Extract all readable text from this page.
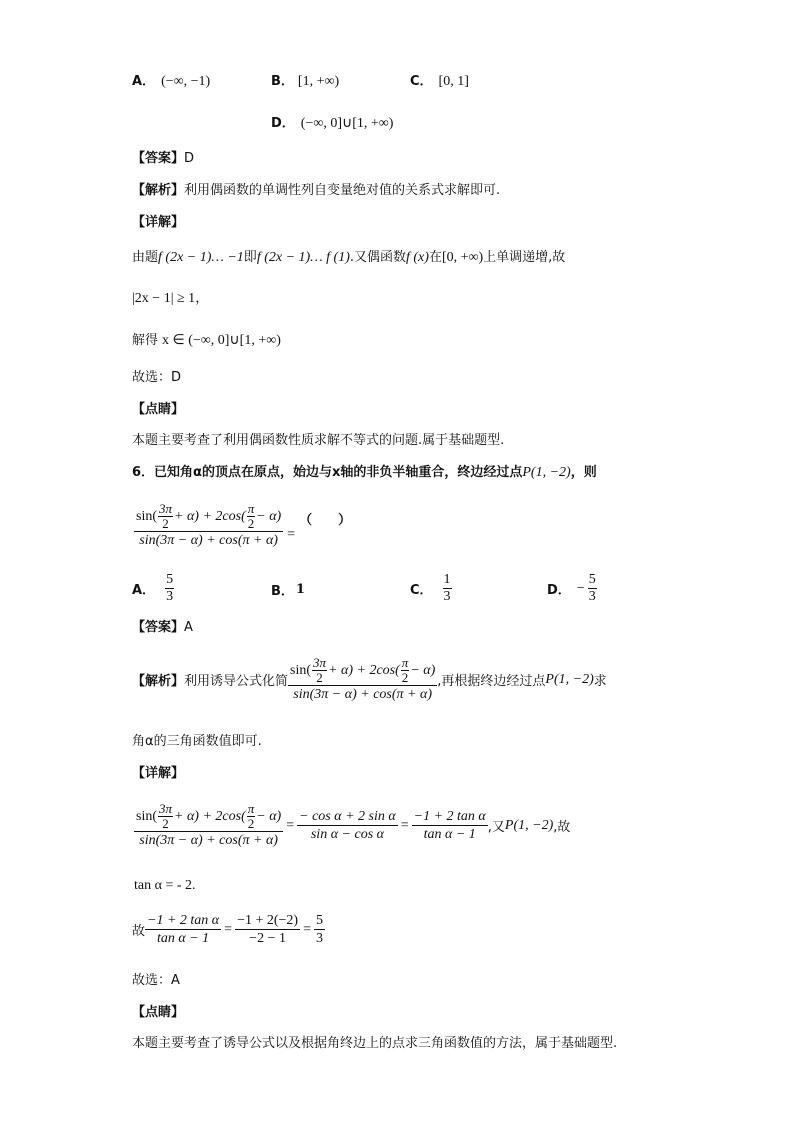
A． (−∞, −1)	B． [1, +∞)	C． [0, 1]
D． (−∞, 0]∪[1, +∞)
【答案】D
【解析】利用偶函数的单调性列自变量绝对值的关系式求解即可.
【详解】
由题f (2x − 1)… −1即f (2x − 1)… f (1).又偶函数f (x)在[0, +∞)上单调递增,故
|2x − 1| ≥ 1，
解得 x ∈ (−∞, 0]∪[1, +∞)
故选：D
【点睛】
本题主要考查了利用偶函数性质求解不等式的问题.属于基础题型.
6．已知角α的顶点在原点，始边与x轴的非负半轴重合，终边经过点P(1, −2)，则
$\frac{\sin( \frac{3\pi}{2} + \alpha) + 2\cos( \frac{\pi}{2} - \alpha)}{\sin(3\pi - \alpha) + \cos(\pi + \alpha)}$ =
（　　）
A． $\frac{5}{3}$	B． 1	C． $\frac{1}{3}$	D． − $\frac{5}{3}$
【答案】A
【解析】 利用诱导公式化简 $\frac{\sin( \frac{3\pi}{2} + \alpha) + 2\cos( \frac{\pi}{2} - \alpha)}{\sin(3\pi - \alpha) + \cos(\pi + \alpha)}$ ,再根据终边经过点 P(1, −2) 求
角α的三角函数值即可.
【详解】
$\frac{\sin( \frac{3\pi}{2} + \alpha) + 2\cos( \frac{\pi}{2} - \alpha)}{\sin(3\pi - \alpha) + \cos(\pi + \alpha)} = \frac{\text{− cos α + 2 sin α}}{\text{sin α − cos α}} = \frac{\text{−1 + 2 tan α}}{\text{tan α − 1}}$ ,又 P(1, −2) ,故
tan α = - 2.
故 $\frac{\text{−1 + 2 tan α}}{\text{tan α − 1}} = \frac{-1 + 2(-2)}{-2 - 1} = \frac{5}{3}$
故选：A
【点睛】
本题主要考查了诱导公式以及根据角终边上的点求三角函数值的方法，属于基础题型.
